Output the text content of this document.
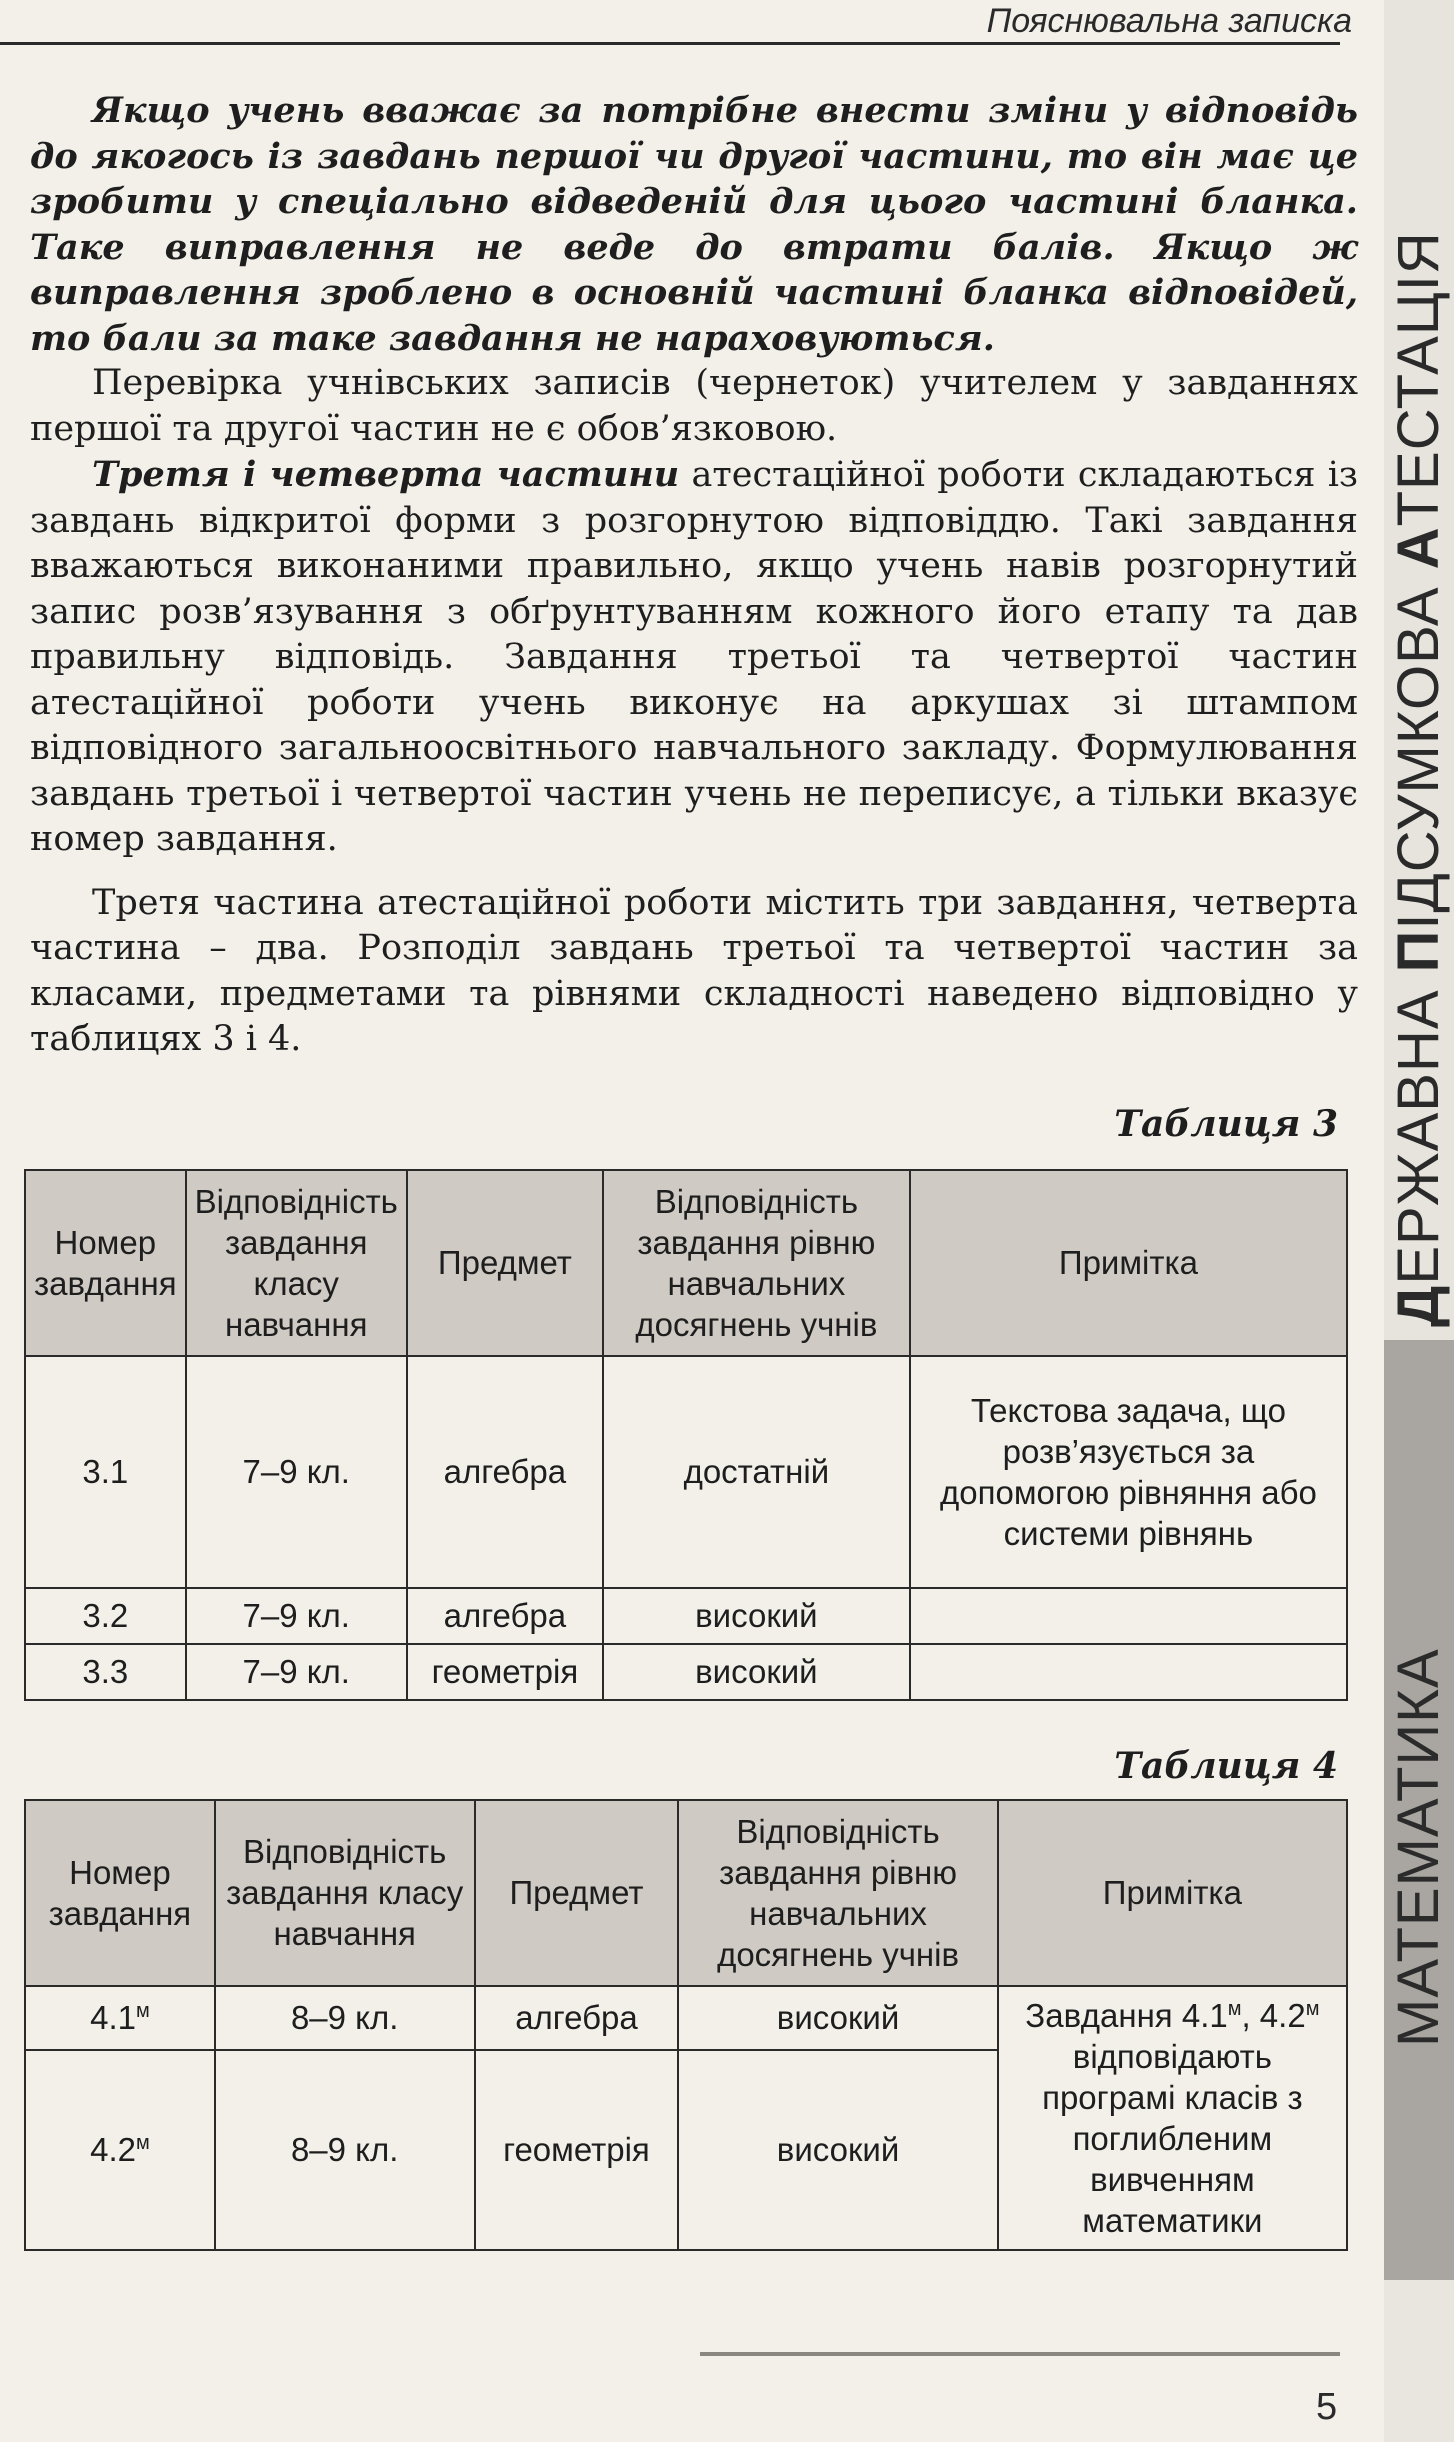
Пояснювальна записка
МАТЕМАТИКА
ДЕРЖАВНА ПІДСУМКОВА АТЕСТАЦІЯ

Якщо учень вважає за потрібне внести зміни у відповідь до якогось із завдань першої чи другої частини, то він має це зробити у спеціально відведеній для цього частині бланка. Таке виправлення не веде до втрати балів. Якщо ж виправлення зроблено в основній частині бланка відповідей, то бали за таке завдання не нараховуються.

Перевірка учнівських записів (чернеток) учителем у завданнях першої та другої частин не є обов’язковою.

Третя і четверта частини атестаційної роботи складаються із завдань відкритої форми з розгорнутою відповіддю. Такі завдання вважаються виконаними правильно, якщо учень навів розгорнутий запис розв’язування з обґрунтуванням кожного його етапу та дав правильну відповідь. Завдання третьої та четвертої частин атестаційної роботи учень виконує на аркушах зі штампом відповідного загальноосвітнього навчального закладу. Формулювання завдань третьої і четвертої частин учень не переписує, а тільки вказує номер завдання.

Третя частина атестаційної роботи містить три завдання, четверта частина – два. Розподіл завдань третьої та четвертої частин за класами, предметами та рівнями складності наведено відповідно у таблицях 3 і 4.

Таблиця 3
Номер завдання	Відповідність завдання класу навчання	Предмет	Відповідність завдання рівню навчальних досягнень учнів	Примітка
3.1	7–9 кл.	алгебра	достатній	Текстова задача, що розв’язується за допомогою рівняння або системи рівнянь
3.2	7–9 кл.	алгебра	високий	
3.3	7–9 кл.	геометрія	високий	
Таблиця 4
Номер завдання	Відповідність завдання класу навчання	Предмет	Відповідність завдання рівню навчальних досягнень учнів	Примітка
$4.1^м$	8–9 кл.	алгебра	високий	Завдання $4.1^м$, $4.2^м$ відповідають програмі класів з поглибленим вивченням математики
$4.2^м$	8–9 кл.	геометрія	високий	
5
